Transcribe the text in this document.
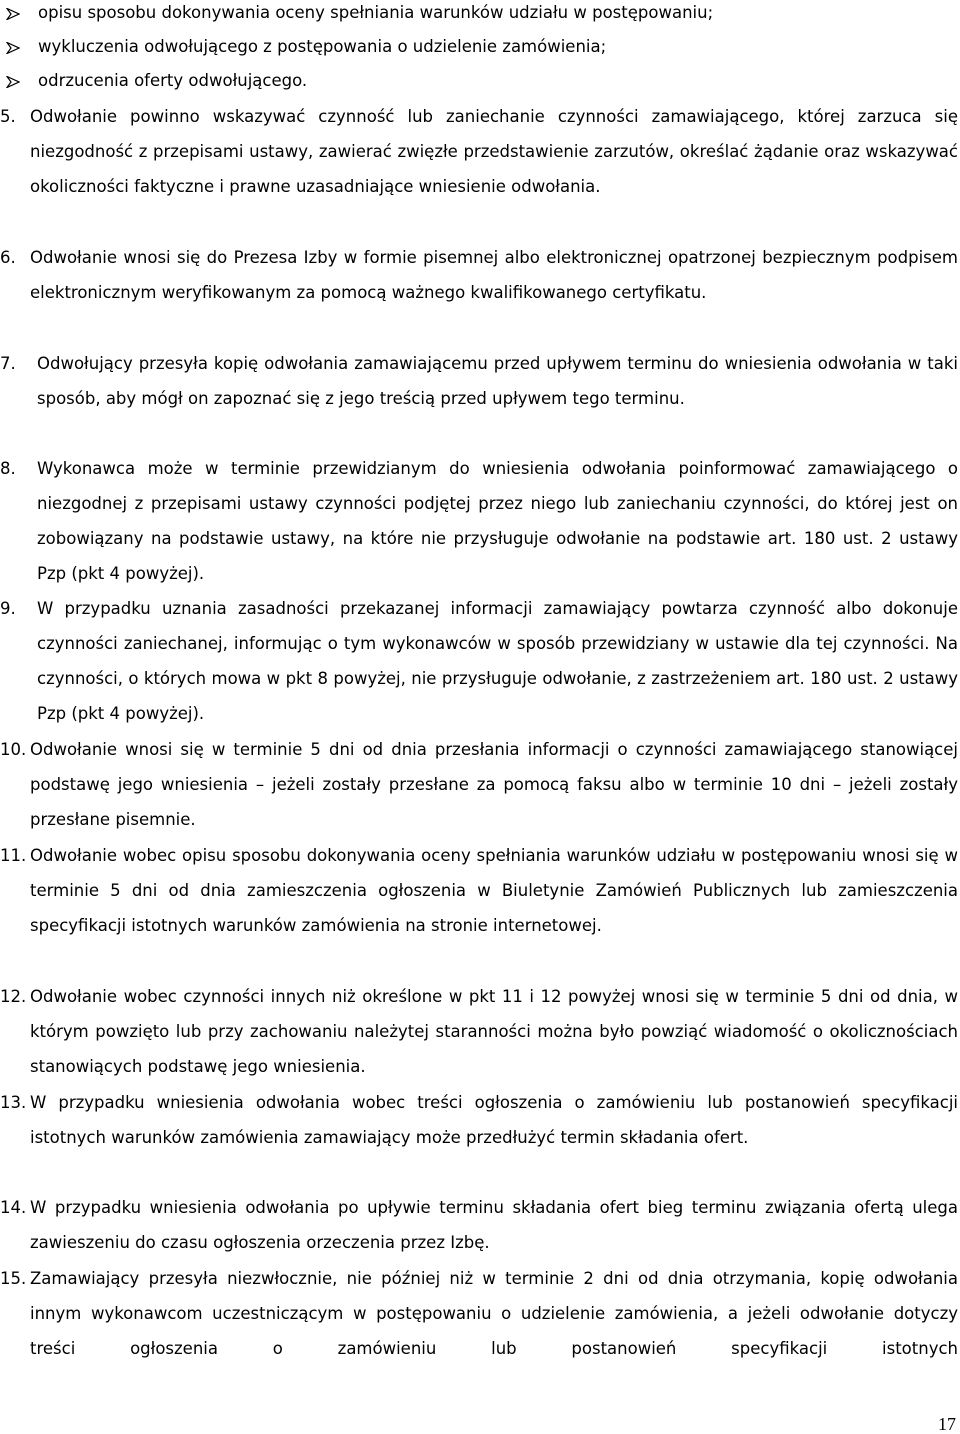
opisu sposobu dokonywania oceny spełniania warunków udziału w postępowaniu;
wykluczenia odwołującego z postępowania o udzielenie zamówienia;
odrzucenia oferty odwołującego.
5. Odwołanie powinno wskazywać czynność lub zaniechanie czynności zamawiającego, której zarzuca się niezgodność z przepisami ustawy, zawierać zwięzłe przedstawienie zarzutów, określać żądanie oraz wskazywać okoliczności faktyczne i prawne uzasadniające wniesienie odwołania.
6. Odwołanie wnosi się do Prezesa Izby w formie pisemnej albo elektronicznej opatrzonej bezpiecznym podpisem elektronicznym weryfikowanym za pomocą ważnego kwalifikowanego certyfikatu.
7. Odwołujący przesyła kopię odwołania zamawiającemu przed upływem terminu do wniesienia odwołania w taki sposób, aby mógł on zapoznać się z jego treścią przed upływem tego terminu.
8. Wykonawca może w terminie przewidzianym do wniesienia odwołania poinformować zamawiającego o niezgodnej z przepisami ustawy czynności podjętej przez niego lub zaniechaniu czynności, do której jest on zobowiązany na podstawie ustawy, na które nie przysługuje odwołanie na podstawie art. 180 ust. 2 ustawy Pzp (pkt 4 powyżej).
9. W przypadku uznania zasadności przekazanej informacji zamawiający powtarza czynność albo dokonuje czynności zaniechanej, informując o tym wykonawców w sposób przewidziany w ustawie dla tej czynności. Na czynności, o których mowa w pkt 8 powyżej, nie przysługuje odwołanie, z zastrzeżeniem art. 180 ust. 2 ustawy Pzp (pkt 4 powyżej).
10. Odwołanie wnosi się w terminie 5 dni od dnia przesłania informacji o czynności zamawiającego stanowiącej podstawę jego wniesienia – jeżeli zostały przesłane za pomocą faksu albo w terminie 10 dni – jeżeli zostały przesłane pisemnie.
11. Odwołanie wobec opisu sposobu dokonywania oceny spełniania warunków udziału w postępowaniu wnosi się w terminie 5 dni od dnia zamieszczenia ogłoszenia w Biuletynie Zamówień Publicznych lub zamieszczenia specyfikacji istotnych warunków zamówienia na stronie internetowej.
12. Odwołanie wobec czynności innych niż określone w pkt 11 i 12 powyżej wnosi się w terminie 5 dni od dnia, w którym powzięto lub przy zachowaniu należytej staranności można było powziąć wiadomość o okolicznościach stanowiących podstawę jego wniesienia.
13. W przypadku wniesienia odwołania wobec treści ogłoszenia o zamówieniu lub postanowień specyfikacji istotnych warunków zamówienia zamawiający może przedłużyć termin składania ofert.
14. W przypadku wniesienia odwołania po upływie terminu składania ofert bieg terminu związania ofertą ulega zawieszeniu do czasu ogłoszenia orzeczenia przez Izbę.
15. Zamawiający przesyła niezwłocznie, nie później niż w terminie 2 dni od dnia otrzymania, kopię odwołania innym wykonawcom uczestniczącym w postępowaniu o udzielenie zamówienia, a jeżeli odwołanie dotyczy treści ogłoszenia o zamówieniu lub postanowień specyfikacji istotnych
17
